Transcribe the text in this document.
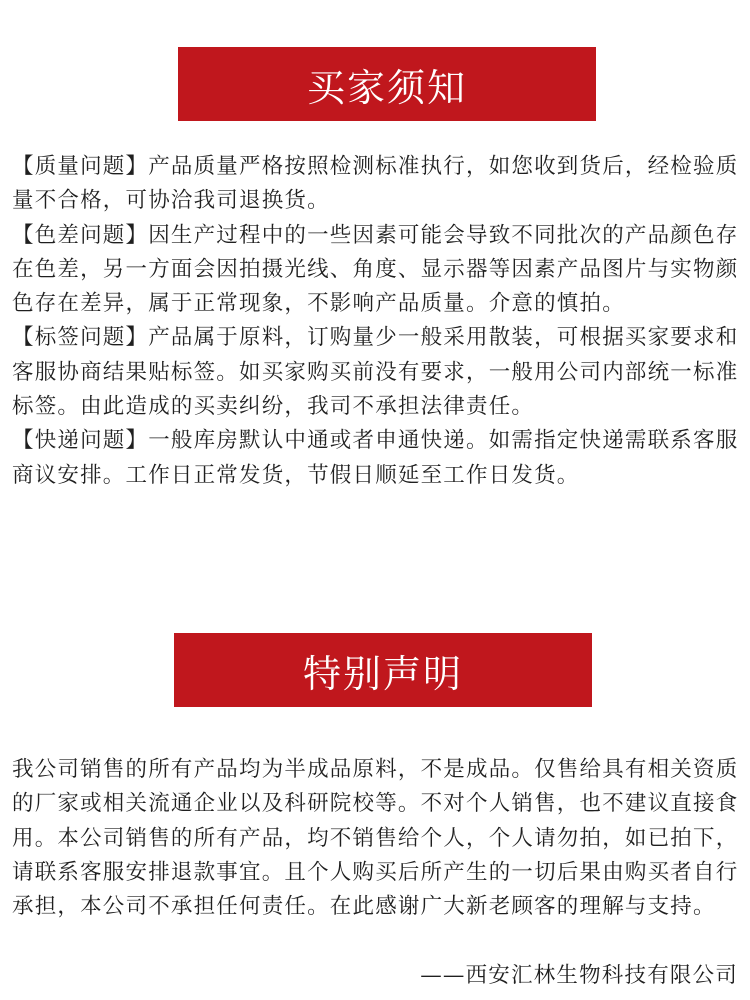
买家须知

【质量问题】产品质量严格按照检测标准执行，如您收到货后，经检验质量不合格，可协洽我司退换货。

【色差问题】因生产过程中的一些因素可能会导致不同批次的产品颜色存在色差，另一方面会因拍摄光线、角度、显示器等因素产品图片与实物颜色存在差异，属于正常现象，不影响产品质量。介意的慎拍。

【标签问题】产品属于原料，订购量少一般采用散装，可根据买家要求和客服协商结果贴标签。如买家购买前没有要求，一般用公司内部统一标准标签。由此造成的买卖纠纷，我司不承担法律责任。

【快递问题】一般库房默认中通或者申通快递。如需指定快递需联系客服商议安排。工作日正常发货，节假日顺延至工作日发货。

特别声明

我公司销售的所有产品均为半成品原料，不是成品。仅售给具有相关资质的厂家或相关流通企业以及科研院校等。不对个人销售，也不建议直接食用。本公司销售的所有产品，均不销售给个人，个人请勿拍，如已拍下，请联系客服安排退款事宜。且个人购买后所产生的一切后果由购买者自行承担，本公司不承担任何责任。在此感谢广大新老顾客的理解与支持。

——西安汇林生物科技有限公司
